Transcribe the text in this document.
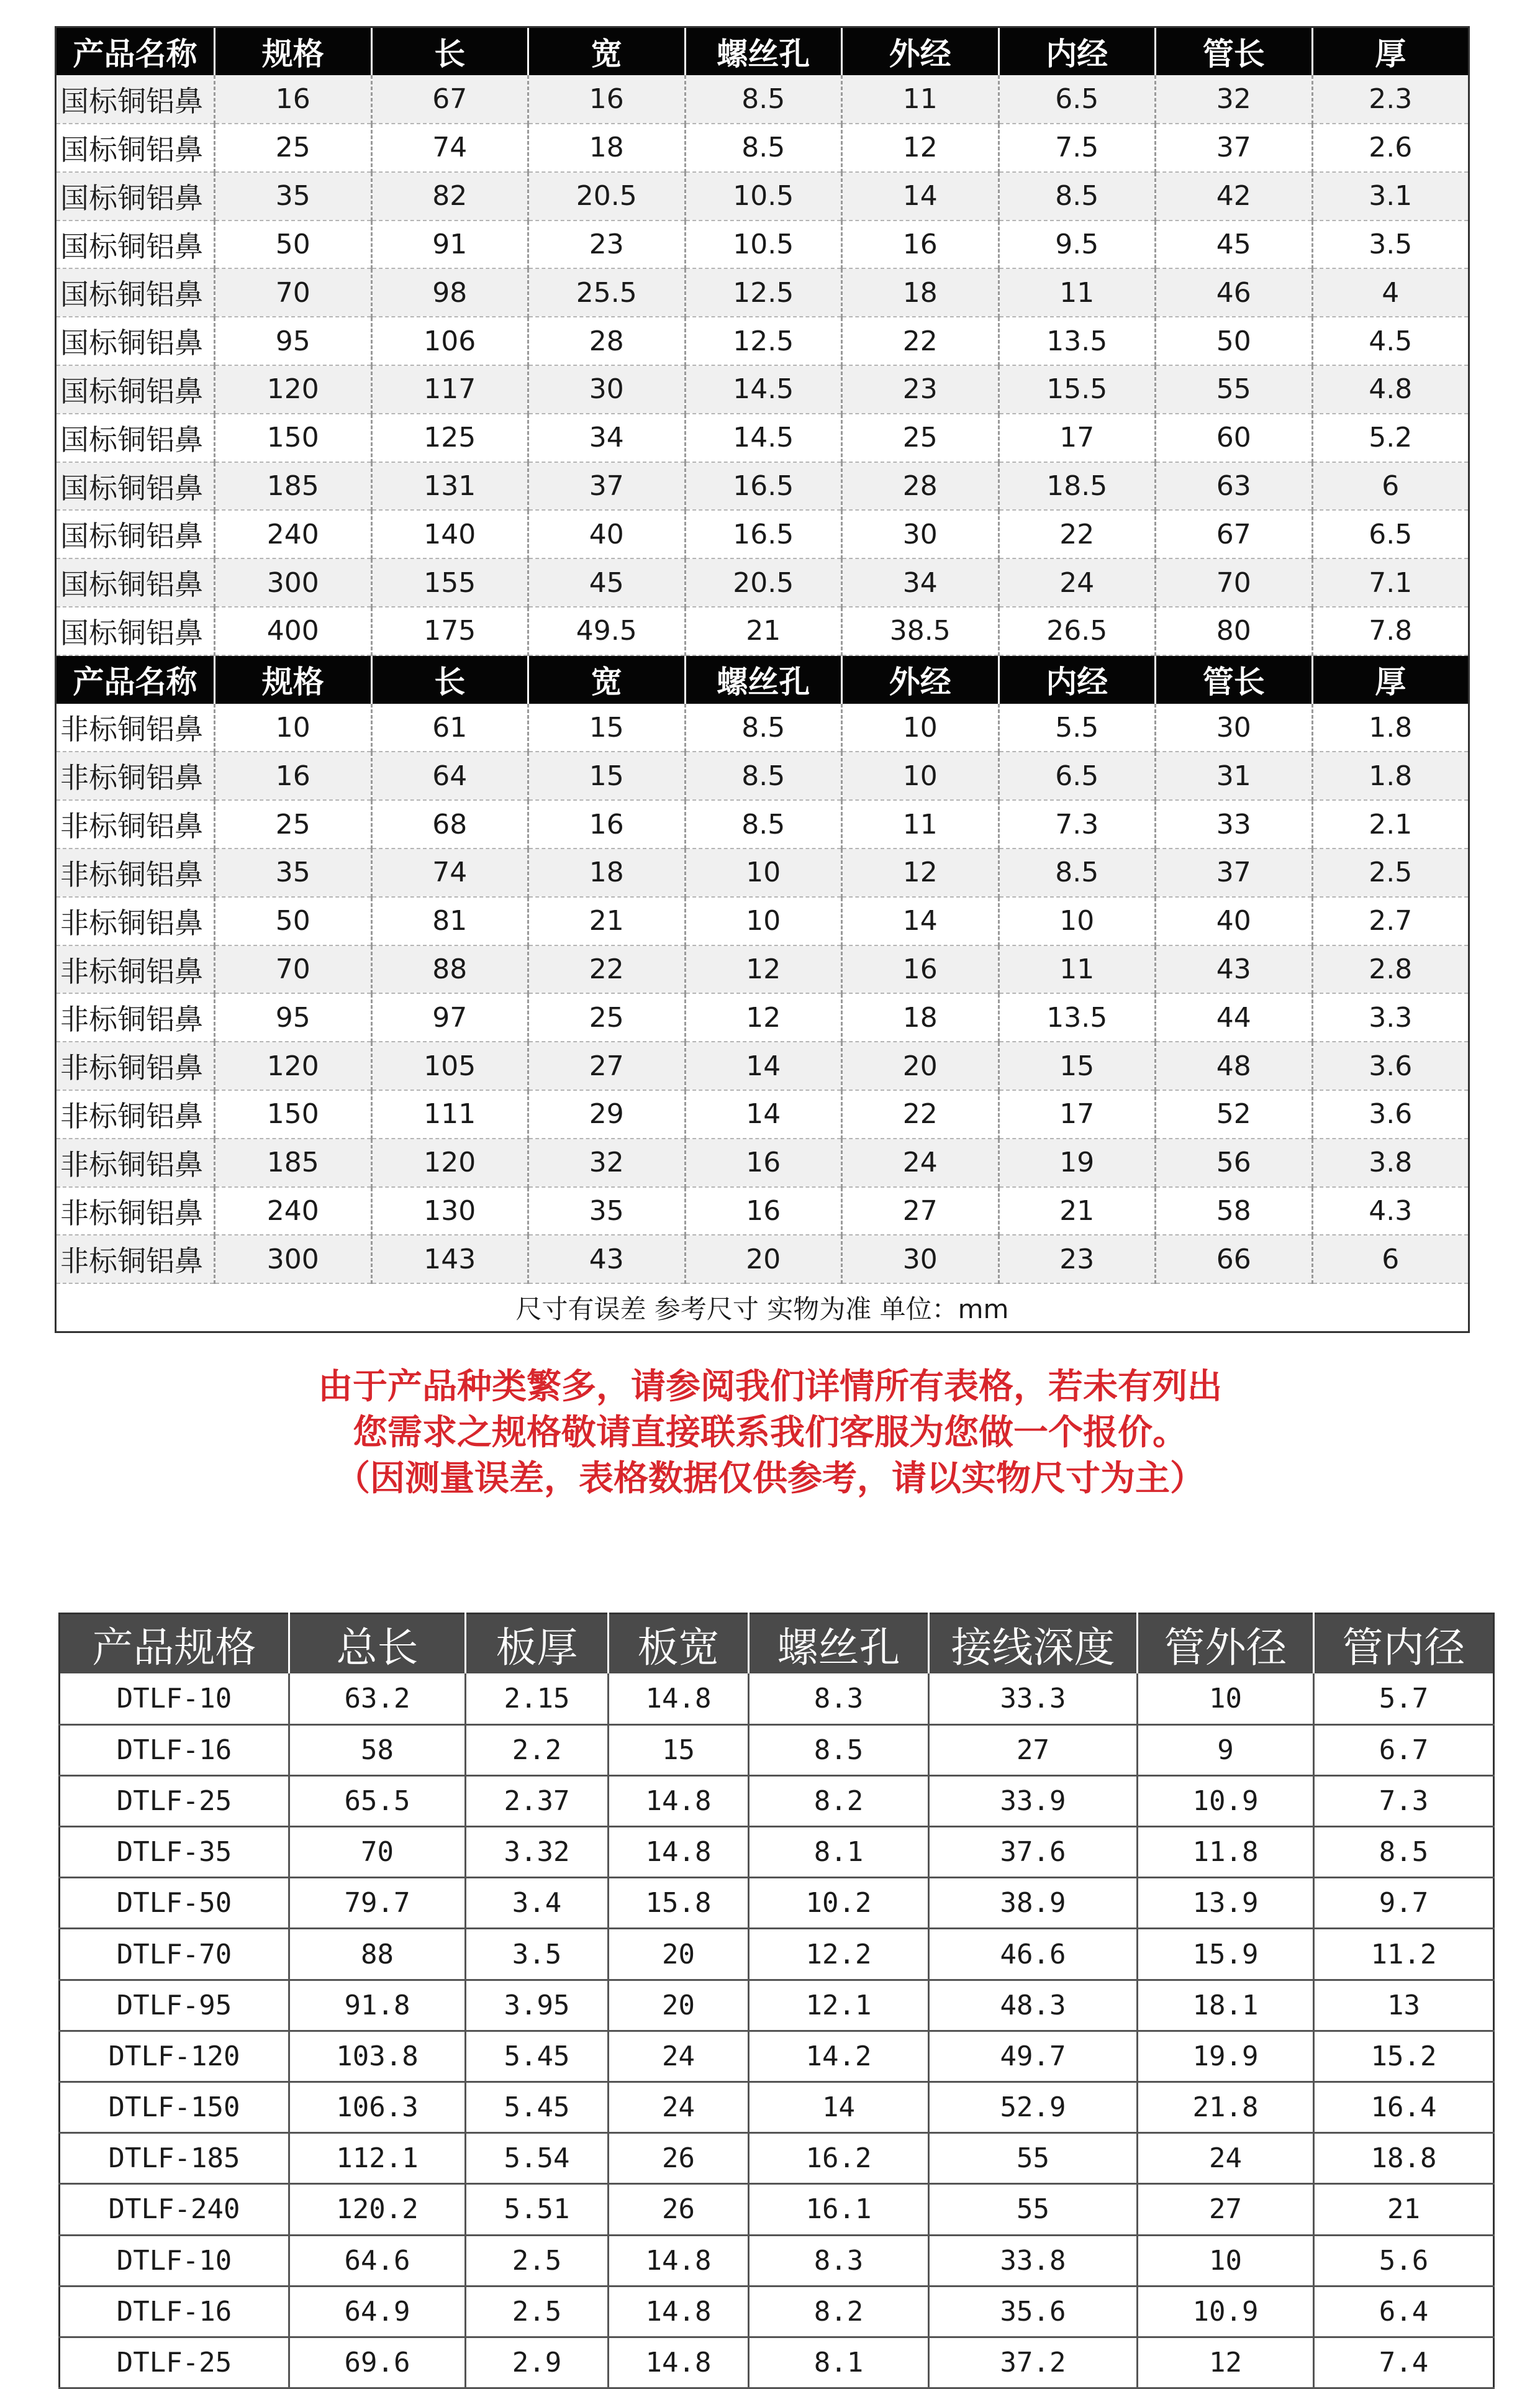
产品名称	规格	长	宽	螺丝孔	外经	内经	管长	厚
国标铜铝鼻	16	67	16	8.5	11	6.5	32	2.3
国标铜铝鼻	25	74	18	8.5	12	7.5	37	2.6
国标铜铝鼻	35	82	20.5	10.5	14	8.5	42	3.1
国标铜铝鼻	50	91	23	10.5	16	9.5	45	3.5
国标铜铝鼻	70	98	25.5	12.5	18	11	46	4
国标铜铝鼻	95	106	28	12.5	22	13.5	50	4.5
国标铜铝鼻	120	117	30	14.5	23	15.5	55	4.8
国标铜铝鼻	150	125	34	14.5	25	17	60	5.2
国标铜铝鼻	185	131	37	16.5	28	18.5	63	6
国标铜铝鼻	240	140	40	16.5	30	22	67	6.5
国标铜铝鼻	300	155	45	20.5	34	24	70	7.1
国标铜铝鼻	400	175	49.5	21	38.5	26.5	80	7.8
产品名称	规格	长	宽	螺丝孔	外经	内经	管长	厚
非标铜铝鼻	10	61	15	8.5	10	5.5	30	1.8
非标铜铝鼻	16	64	15	8.5	10	6.5	31	1.8
非标铜铝鼻	25	68	16	8.5	11	7.3	33	2.1
非标铜铝鼻	35	74	18	10	12	8.5	37	2.5
非标铜铝鼻	50	81	21	10	14	10	40	2.7
非标铜铝鼻	70	88	22	12	16	11	43	2.8
非标铜铝鼻	95	97	25	12	18	13.5	44	3.3
非标铜铝鼻	120	105	27	14	20	15	48	3.6
非标铜铝鼻	150	111	29	14	22	17	52	3.6
非标铜铝鼻	185	120	32	16	24	19	56	3.8
非标铜铝鼻	240	130	35	16	27	21	58	4.3
非标铜铝鼻	300	143	43	20	30	23	66	6
尺寸有误差 参考尺寸 实物为准 单位：mm								
由于产品种类繁多，请参阅我们详情所有表格，若未有列出
您需求之规格敬请直接联系我们客服为您做一个报价。
（因测量误差，表格数据仅供参考，请以实物尺寸为主）
产品规格	总长	板厚	板宽	螺丝孔	接线深度	管外径	管内径
DTLF-10	63.2	2.15	14.8	8.3	33.3	10	5.7
DTLF-16	58	2.2	15	8.5	27	9	6.7
DTLF-25	65.5	2.37	14.8	8.2	33.9	10.9	7.3
DTLF-35	70	3.32	14.8	8.1	37.6	11.8	8.5
DTLF-50	79.7	3.4	15.8	10.2	38.9	13.9	9.7
DTLF-70	88	3.5	20	12.2	46.6	15.9	11.2
DTLF-95	91.8	3.95	20	12.1	48.3	18.1	13
DTLF-120	103.8	5.45	24	14.2	49.7	19.9	15.2
DTLF-150	106.3	5.45	24	14	52.9	21.8	16.4
DTLF-185	112.1	5.54	26	16.2	55	24	18.8
DTLF-240	120.2	5.51	26	16.1	55	27	21
DTLF-10	64.6	2.5	14.8	8.3	33.8	10	5.6
DTLF-16	64.9	2.5	14.8	8.2	35.6	10.9	6.4
DTLF-25	69.6	2.9	14.8	8.1	37.2	12	7.4
